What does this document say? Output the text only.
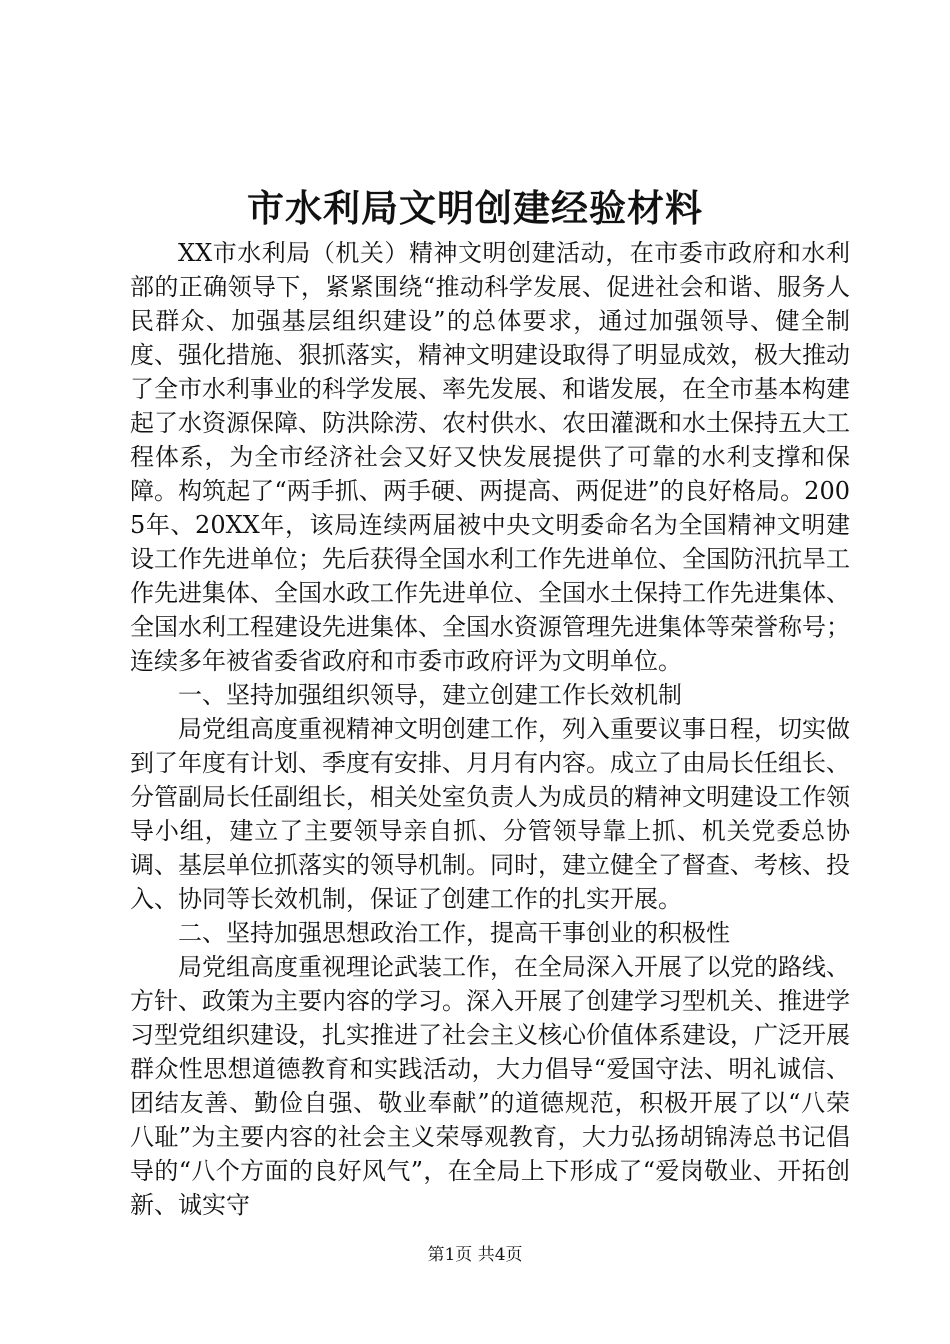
市水利局文明创建经验材料

XX市水利局（机关）精神文明创建活动，在市委市政府和水利部的正确领导下，紧紧围绕“推动科学发展、促进社会和谐、服务人民群众、加强基层组织建设”的总体要求，通过加强领导、健全制度、强化措施、狠抓落实，精神文明建设取得了明显成效，极大推动了全市水利事业的科学发展、率先发展、和谐发展，在全市基本构建起了水资源保障、防洪除涝、农村供水、农田灌溉和水土保持五大工程体系，为全市经济社会又好又快发展提供了可靠的水利支撑和保障。构筑起了“两手抓、两手硬、两提高、两促进”的良好格局。2005年、20XX年，该局连续两届被中央文明委命名为全国精神文明建设工作先进单位；先后获得全国水利工作先进单位、全国防汛抗旱工作先进集体、全国水政工作先进单位、全国水土保持工作先进集体、全国水利工程建设先进集体、全国水资源管理先进集体等荣誉称号；连续多年被省委省政府和市委市政府评为文明单位。

一、坚持加强组织领导，建立创建工作长效机制

局党组高度重视精神文明创建工作，列入重要议事日程，切实做到了年度有计划、季度有安排、月月有内容。成立了由局长任组长、分管副局长任副组长，相关处室负责人为成员的精神文明建设工作领导小组，建立了主要领导亲自抓、分管领导靠上抓、机关党委总协调、基层单位抓落实的领导机制。同时，建立健全了督查、考核、投入、协同等长效机制，保证了创建工作的扎实开展。

二、坚持加强思想政治工作，提高干事创业的积极性

局党组高度重视理论武装工作，在全局深入开展了以党的路线、方针、政策为主要内容的学习。深入开展了创建学习型机关、推进学习型党组织建设，扎实推进了社会主义核心价值体系建设，广泛开展群众性思想道德教育和实践活动，大力倡导“爱国守法、明礼诚信、团结友善、勤俭自强、敬业奉献”的道德规范，积极开展了以“八荣八耻”为主要内容的社会主义荣辱观教育，大力弘扬胡锦涛总书记倡导的“八个方面的良好风气”，在全局上下形成了“爱岗敬业、开拓创新、诚实守

第1页 共4页
